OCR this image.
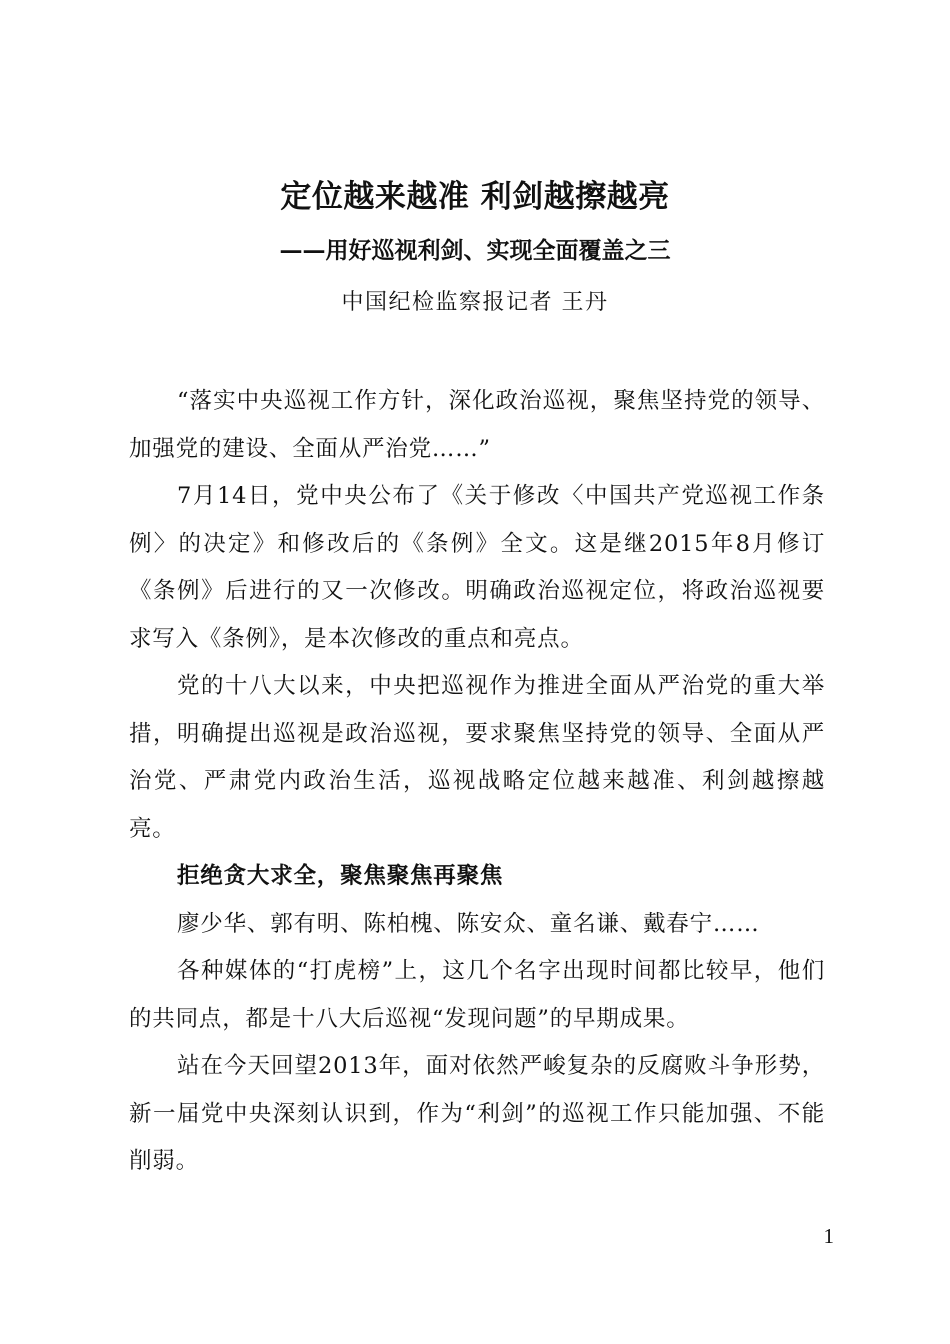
定位越来越准 利剑越擦越亮
——用好巡视利剑、实现全面覆盖之三
中国纪检监察报记者 王丹

“落实中央巡视工作方针，深化政治巡视，聚焦坚持党的领导、加强党的建设、全面从严治党……”

7月14日，党中央公布了《关于修改〈中国共产党巡视工作条例〉的决定》和修改后的《条例》全文。这是继2015年8月修订《条例》后进行的又一次修改。明确政治巡视定位，将政治巡视要求写入《条例》，是本次修改的重点和亮点。

党的十八大以来，中央把巡视作为推进全面从严治党的重大举措，明确提出巡视是政治巡视，要求聚焦坚持党的领导、全面从严治党、严肃党内政治生活，巡视战略定位越来越准、利剑越擦越亮。

拒绝贪大求全，聚焦聚焦再聚焦

廖少华、郭有明、陈柏槐、陈安众、童名谦、戴春宁……

各种媒体的“打虎榜”上，这几个名字出现时间都比较早，他们的共同点，都是十八大后巡视“发现问题”的早期成果。

站在今天回望2013年，面对依然严峻复杂的反腐败斗争形势，新一届党中央深刻认识到，作为“利剑”的巡视工作只能加强、不能削弱。

1
